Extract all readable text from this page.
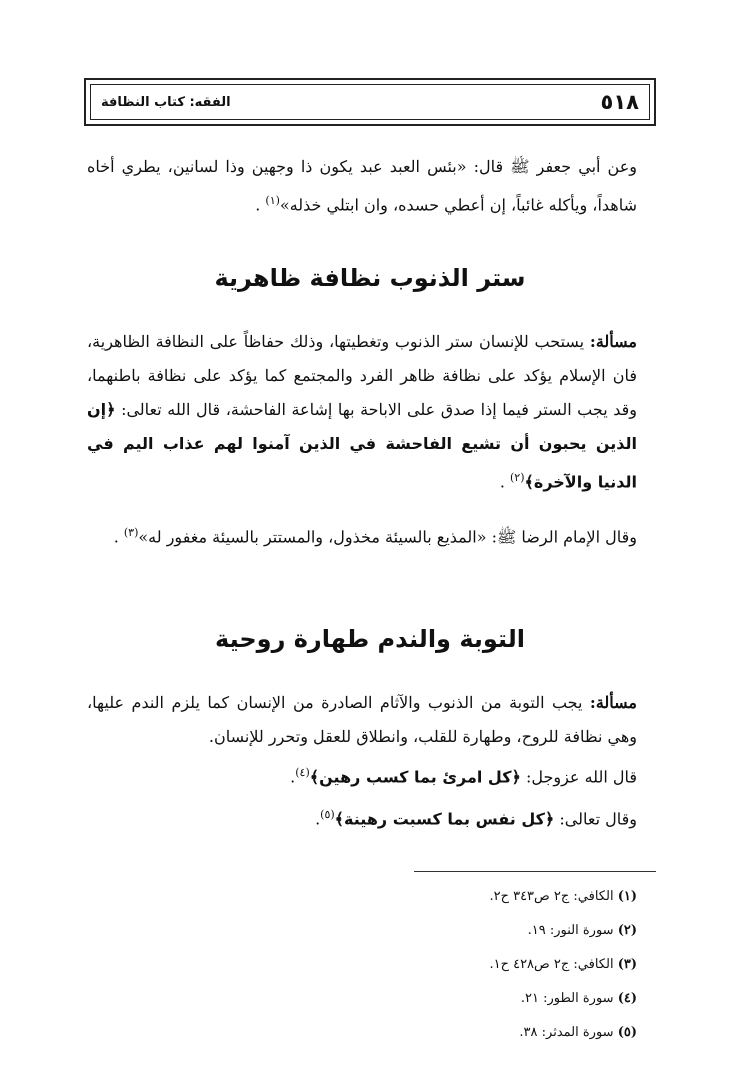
٥١٨
الفقه: كتاب النظافة
وعن أبي جعفر ﷺ قال: «بئس العبد عبد يكون ذا وجهين وذا لسانين، يطري أخاه شاهداً، ويأكله غائباً، إن أعطي حسده، وان ابتلي خذله»$^{(١)}$ .
ستر الذنوب نظافة ظاهرية
مسألة: يستحب للإنسان ستر الذنوب وتغطيتها، وذلك حفاظاً على النظافة الظاهرية، فان الإسلام يؤكد على نظافة ظاهر الفرد والمجتمع كما يؤكد على نظافة باطنهما، وقد يجب الستر فيما إذا صدق على الاباحة بها إشاعة الفاحشة، قال الله تعالى: ﴿إن الذين يحبون أن تشيع الفاحشة في الذين آمنوا لهم عذاب اليم في الدنيا والآخرة﴾$^{(٢)}$ .
وقال الإمام الرضا ﷺ: «المذيع بالسيئة مخذول، والمستتر بالسيئة مغفور له»$^{(٣)}$ .
التوبة والندم طهارة روحية
مسألة: يجب التوبة من الذنوب والآثام الصادرة من الإنسان كما يلزم الندم عليها، وهي نظافة للروح، وطهارة للقلب، وانطلاق للعقل وتحرر للإنسان.
قال الله عزوجل: ﴿كل امرئ بما كسب رهين﴾$^{(٤)}$.
وقال تعالى: ﴿كل نفس بما كسبت رهينة﴾$^{(٥)}$.
(١) الكافي: ج٢ ص٣٤٣ ح٢.
(٢) سورة النور: ١٩.
(٣) الكافي: ج٢ ص٤٢٨ ح١.
(٤) سورة الطور: ٢١.
(٥) سورة المدثر: ٣٨.
